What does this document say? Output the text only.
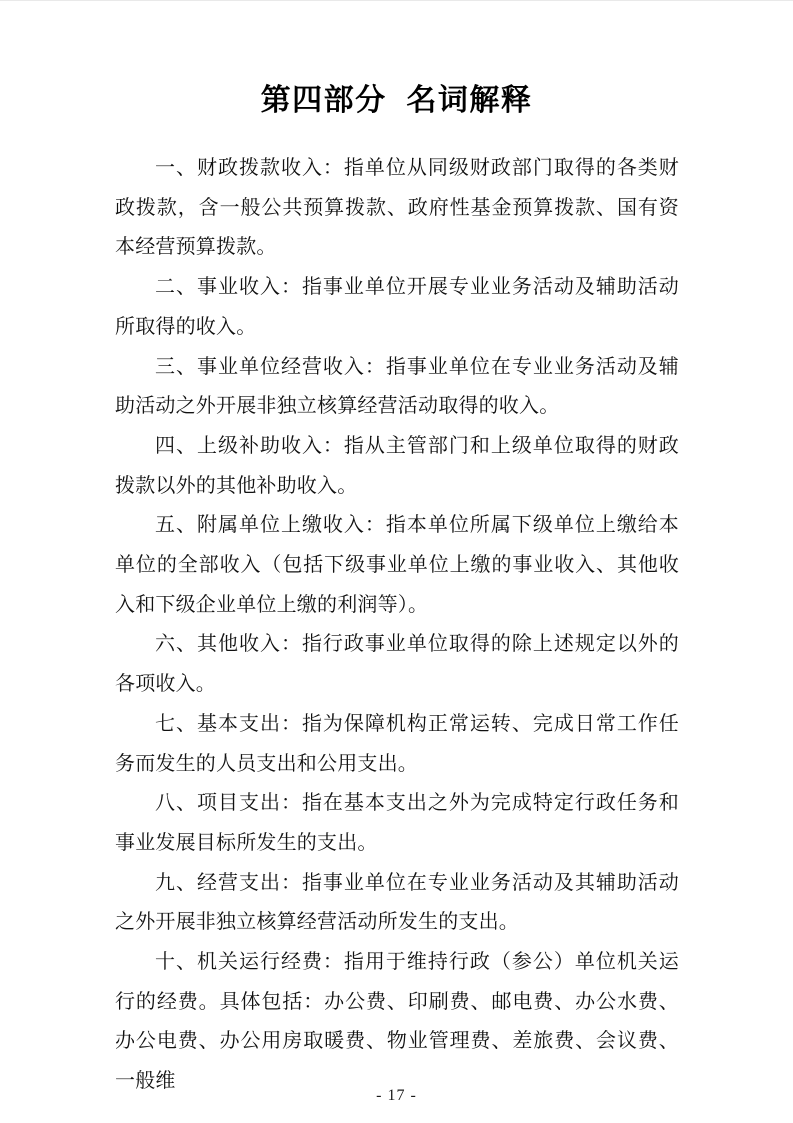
第四部分  名词解释

一、财政拨款收入：指单位从同级财政部门取得的各类财政拨款，含一般公共预算拨款、政府性基金预算拨款、国有资本经营预算拨款。

二、事业收入：指事业单位开展专业业务活动及辅助活动所取得的收入。

三、事业单位经营收入：指事业单位在专业业务活动及辅助活动之外开展非独立核算经营活动取得的收入。

四、上级补助收入：指从主管部门和上级单位取得的财政拨款以外的其他补助收入。

五、附属单位上缴收入：指本单位所属下级单位上缴给本单位的全部收入（包括下级事业单位上缴的事业收入、其他收入和下级企业单位上缴的利润等）。

六、其他收入：指行政事业单位取得的除上述规定以外的各项收入。

七、基本支出：指为保障机构正常运转、完成日常工作任务而发生的人员支出和公用支出。

八、项目支出：指在基本支出之外为完成特定行政任务和事业发展目标所发生的支出。

九、经营支出：指事业单位在专业业务活动及其辅助活动之外开展非独立核算经营活动所发生的支出。

十、机关运行经费：指用于维持行政（参公）单位机关运行的经费。具体包括：办公费、印刷费、邮电费、办公水费、办公电费、办公用房取暖费、物业管理费、差旅费、会议费、一般维

- 17 -
